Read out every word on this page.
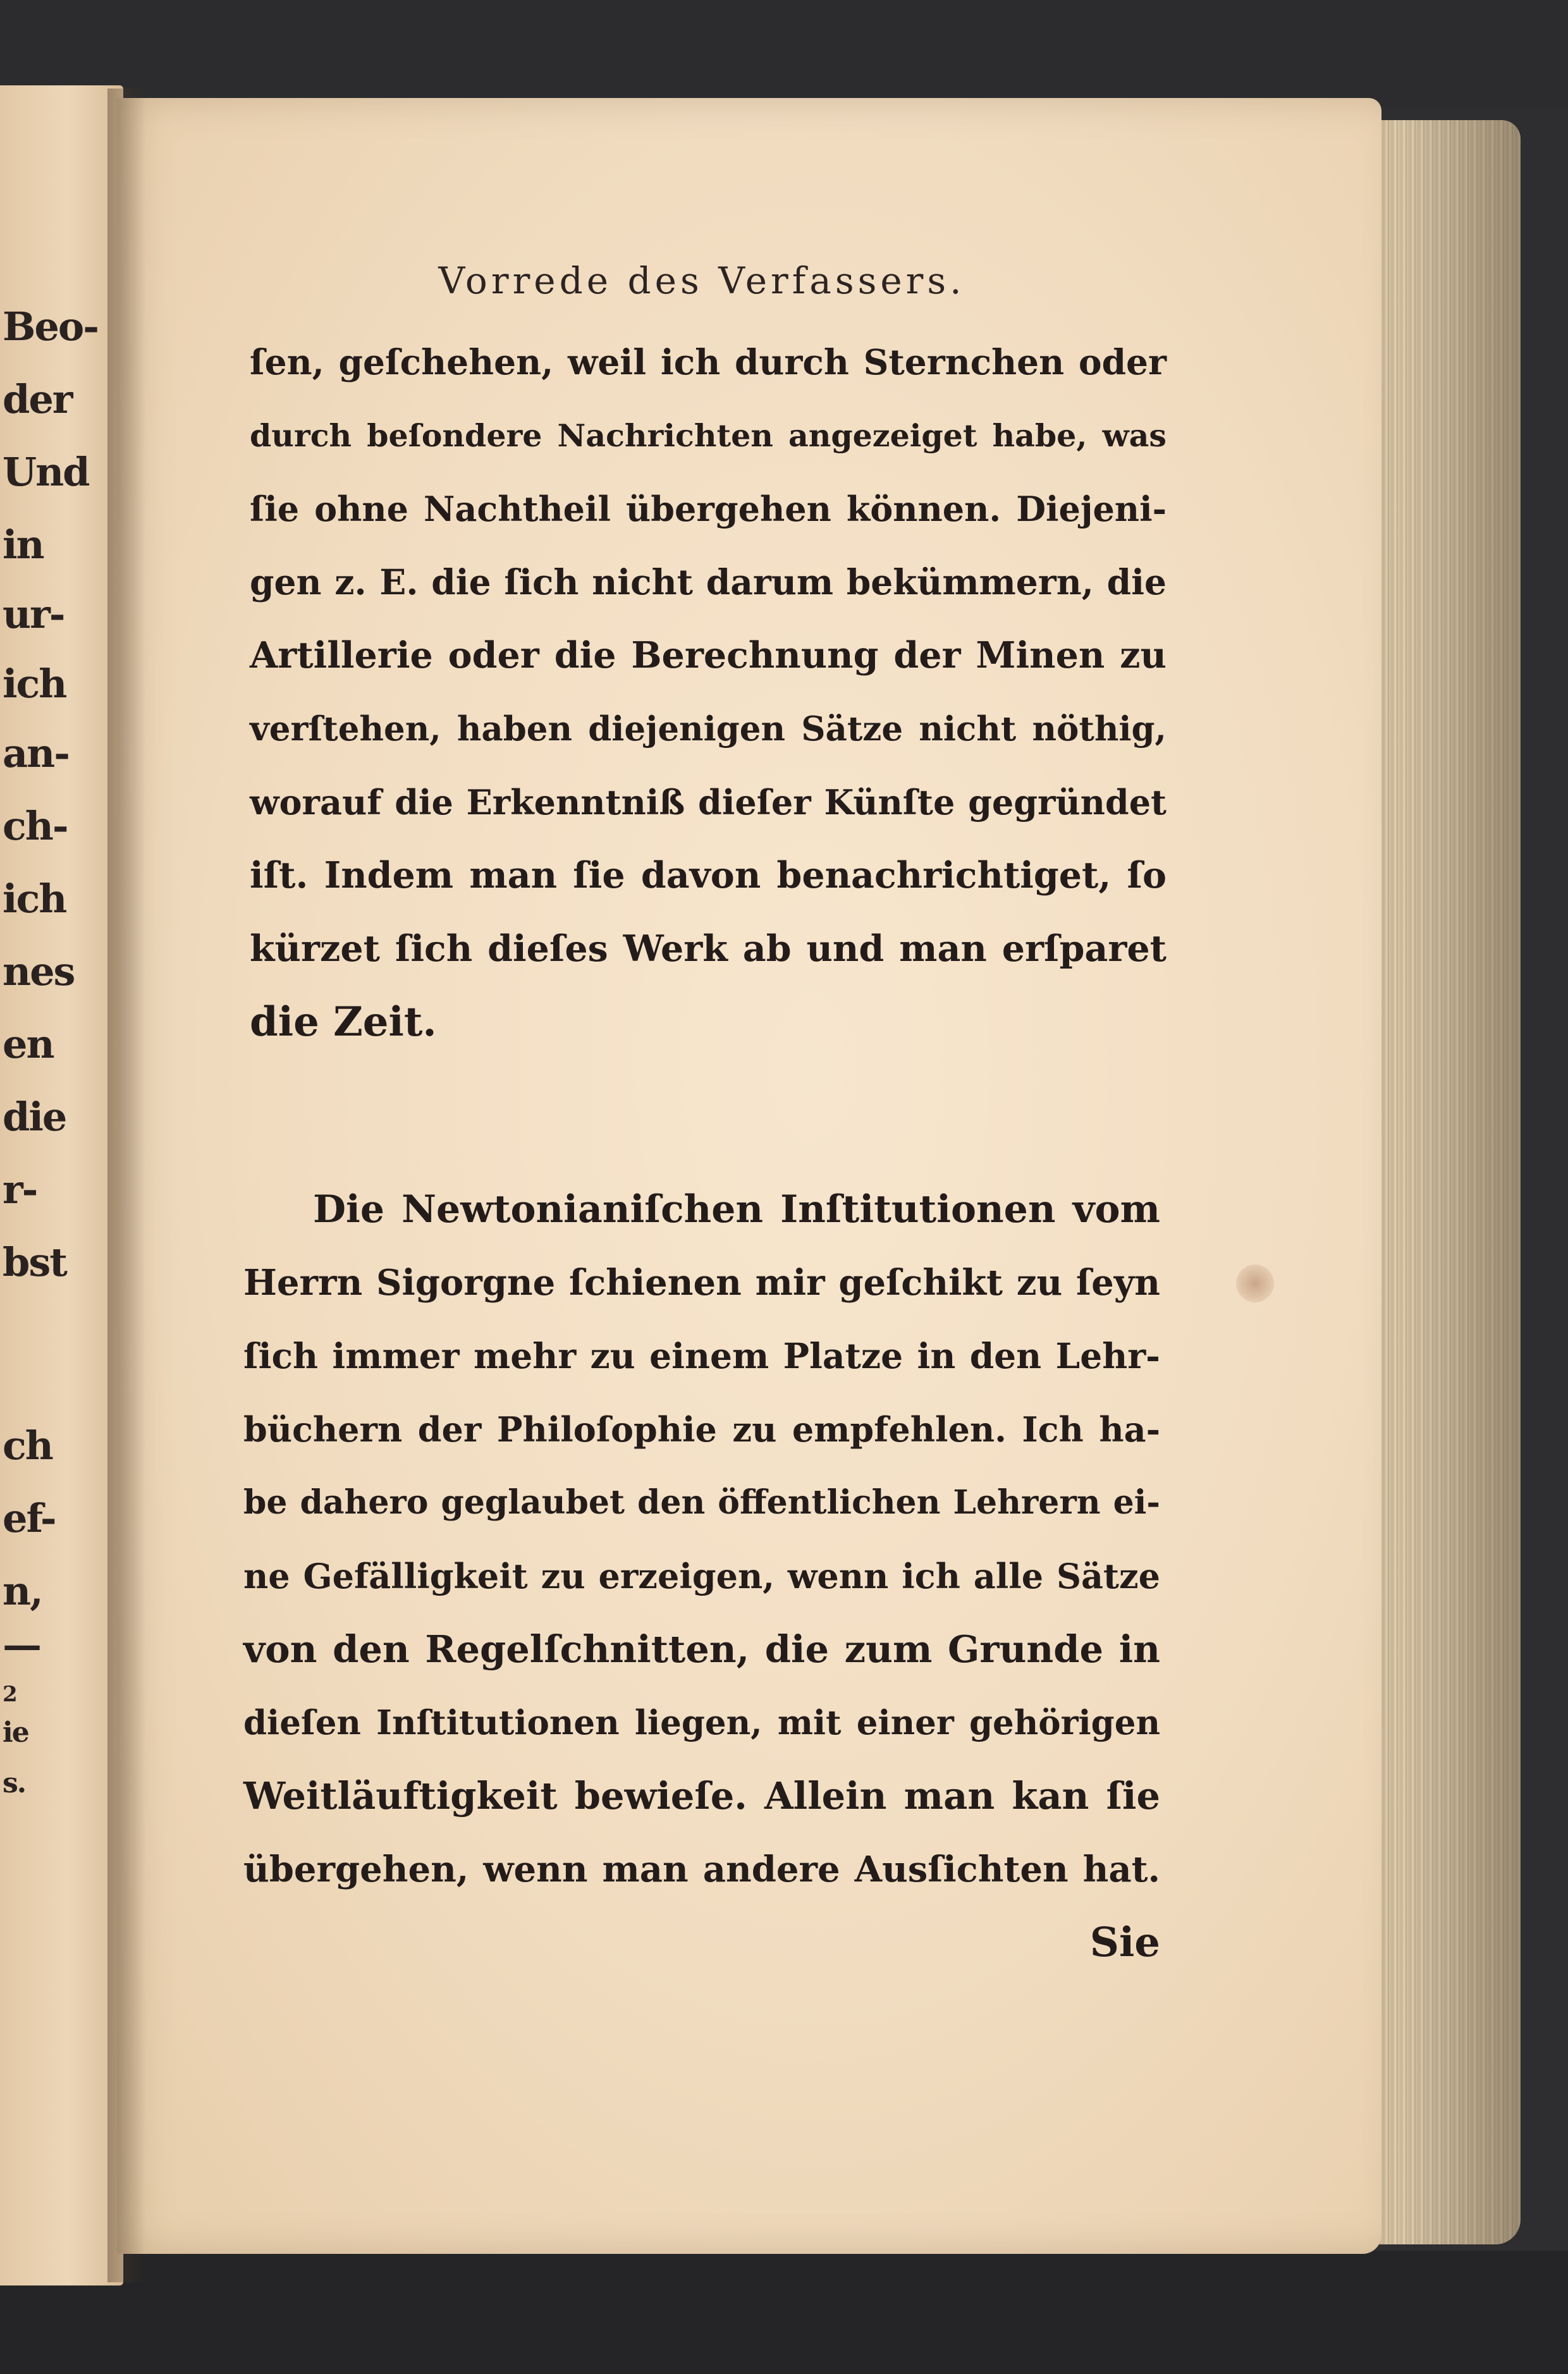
Beo-
der
Und
in
ur-
ich
an-
ch-
ich
nes
en
die
r-
bst
ch
ef-
n,
—
2
ie
s.
Vorrede des Verfassers.
ſen, geſchehen, weil ich durch Sternchen oder
durch beſondere Nachrichten angezeiget habe, was
ſie ohne Nachtheil übergehen können. Diejeni-
gen z. E. die ſich nicht darum bekümmern, die
Artillerie oder die Berechnung der Minen zu
verſtehen, haben diejenigen Sätze nicht nöthig,
worauf die Erkenntniß dieſer Künſte gegründet
iſt. Indem man ſie davon benachrichtiget, ſo
kürzet ſich dieſes Werk ab und man erſparet
die Zeit.
Die Newtonianiſchen Inſtitutionen vom
Herrn Sigorgne ſchienen mir geſchikt zu ſeyn
ſich immer mehr zu einem Platze in den Lehr-
büchern der Philoſophie zu empfehlen. Ich ha-
be dahero geglaubet den öffentlichen Lehrern ei-
ne Gefälligkeit zu erzeigen, wenn ich alle Sätze
von den Regelſchnitten, die zum Grunde in
dieſen Inſtitutionen liegen, mit einer gehörigen
Weitläuftigkeit bewieſe. Allein man kan ſie
übergehen, wenn man andere Ausſichten hat.
Sie
